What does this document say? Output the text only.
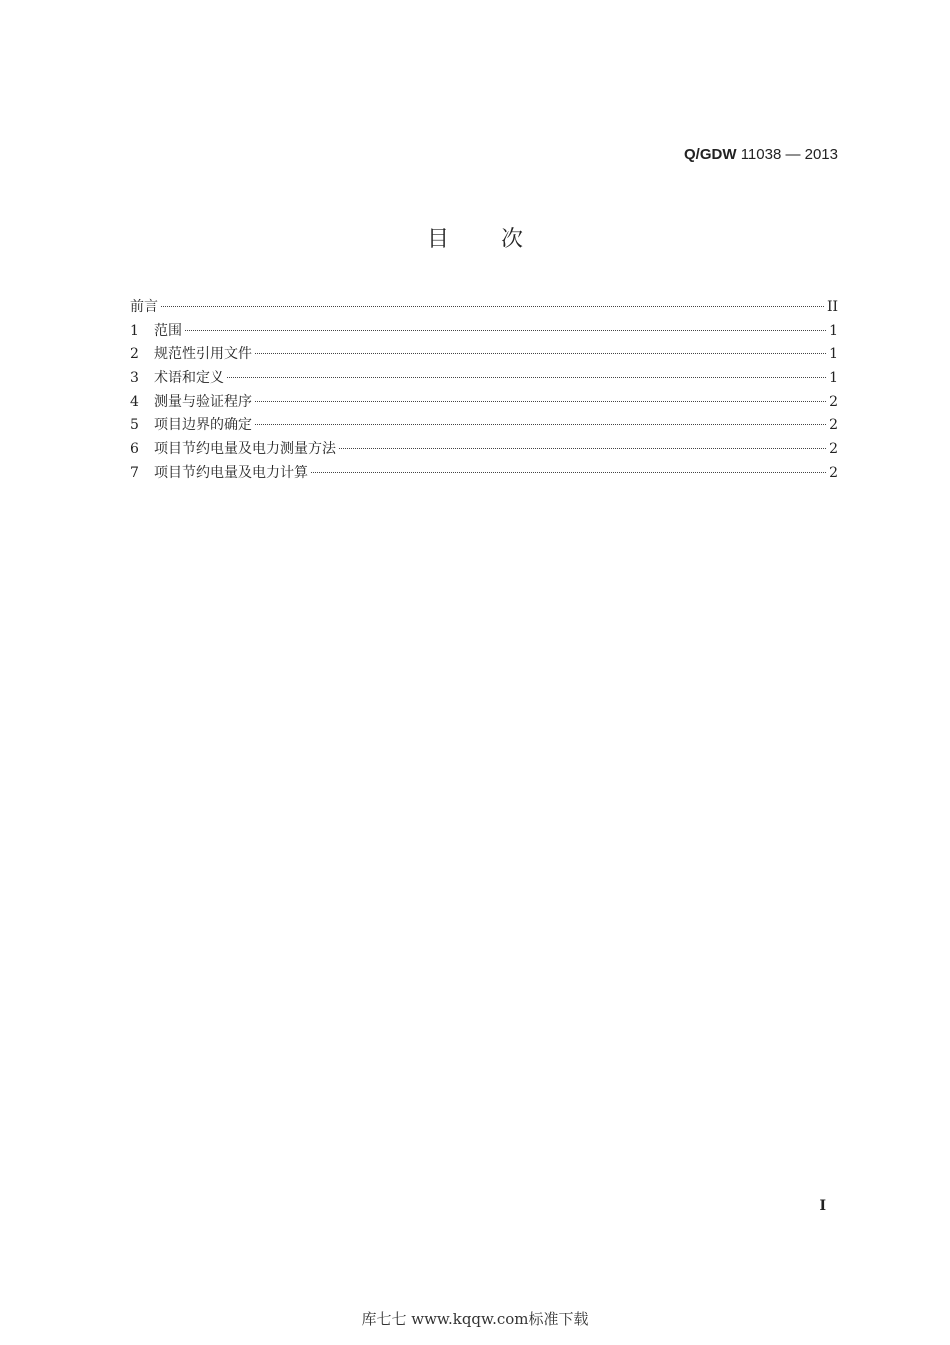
Q/GDW 11038 — 2013
目 次
前言	II
1	范围	1
2	规范性引用文件	1
3	术语和定义	1
4	测量与验证程序	2
5	项目边界的确定	2
6	项目节约电量及电力测量方法	2
7	项目节约电量及电力计算	2
I
库七七 www.kqqw.com标准下载
